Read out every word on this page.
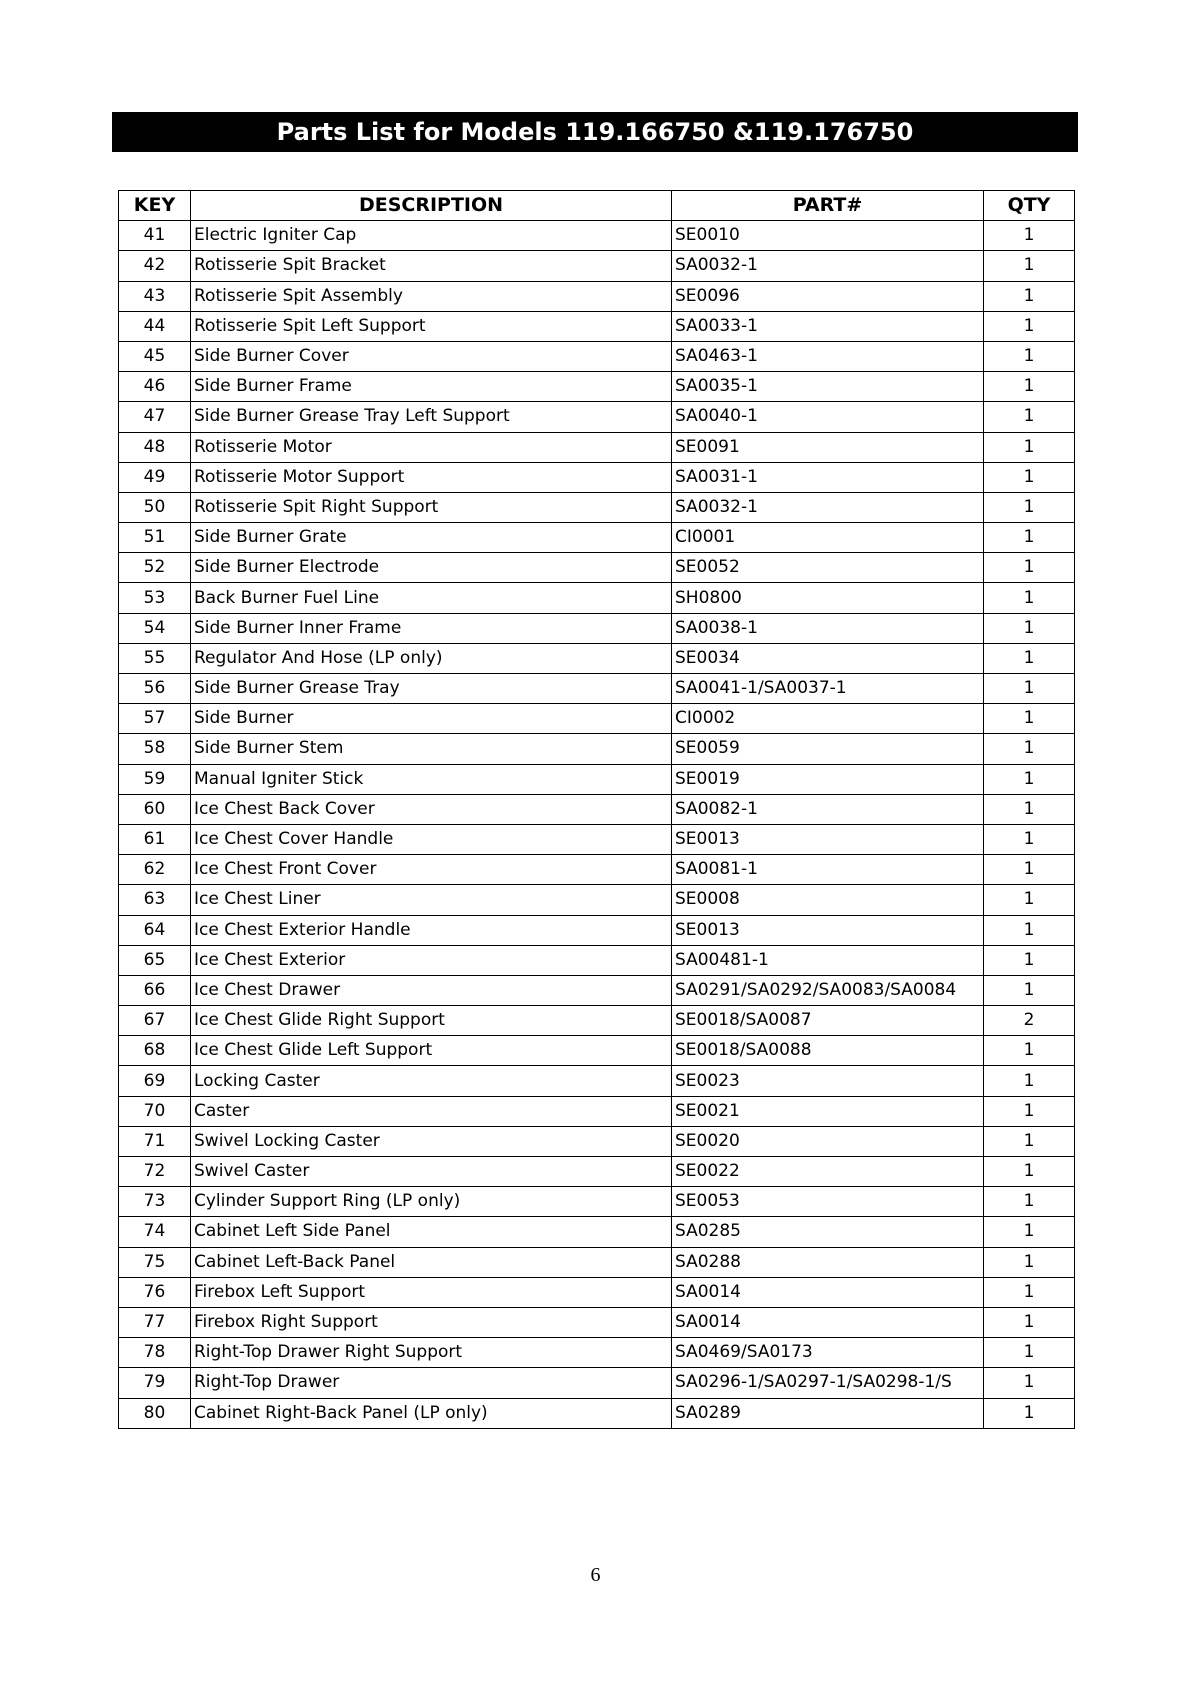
Parts List for Models 119.166750 &119.176750
KEY	DESCRIPTION	PART#	QTY
41	Electric Igniter Cap	SE0010	1
42	Rotisserie Spit Bracket	SA0032-1	1
43	Rotisserie Spit Assembly	SE0096	1
44	Rotisserie Spit Left Support	SA0033-1	1
45	Side Burner Cover	SA0463-1	1
46	Side Burner Frame	SA0035-1	1
47	Side Burner Grease Tray Left Support	SA0040-1	1
48	Rotisserie Motor	SE0091	1
49	Rotisserie Motor Support	SA0031-1	1
50	Rotisserie Spit Right Support	SA0032-1	1
51	Side Burner Grate	CI0001	1
52	Side Burner Electrode	SE0052	1
53	Back Burner Fuel Line	SH0800	1
54	Side Burner Inner Frame	SA0038-1	1
55	Regulator And Hose (LP only)	SE0034	1
56	Side Burner Grease Tray	SA0041-1/SA0037-1	1
57	Side Burner	CI0002	1
58	Side Burner Stem	SE0059	1
59	Manual Igniter Stick	SE0019	1
60	Ice Chest Back Cover	SA0082-1	1
61	Ice Chest Cover Handle	SE0013	1
62	Ice Chest Front Cover	SA0081-1	1
63	Ice Chest Liner	SE0008	1
64	Ice Chest Exterior Handle	SE0013	1
65	Ice Chest Exterior	SA00481-1	1
66	Ice Chest Drawer	SA0291/SA0292/SA0083/SA0084	1
67	Ice Chest Glide Right Support	SE0018/SA0087	2
68	Ice Chest Glide Left Support	SE0018/SA0088	1
69	Locking Caster	SE0023	1
70	Caster	SE0021	1
71	Swivel Locking Caster	SE0020	1
72	Swivel Caster	SE0022	1
73	Cylinder Support Ring (LP only)	SE0053	1
74	Cabinet Left Side Panel	SA0285	1
75	Cabinet Left-Back Panel	SA0288	1
76	Firebox Left Support	SA0014	1
77	Firebox Right Support	SA0014	1
78	Right-Top Drawer Right Support	SA0469/SA0173	1
79	Right-Top Drawer	SA0296-1/SA0297-1/SA0298-1/S	1
80	Cabinet Right-Back Panel (LP only)	SA0289	1
6
